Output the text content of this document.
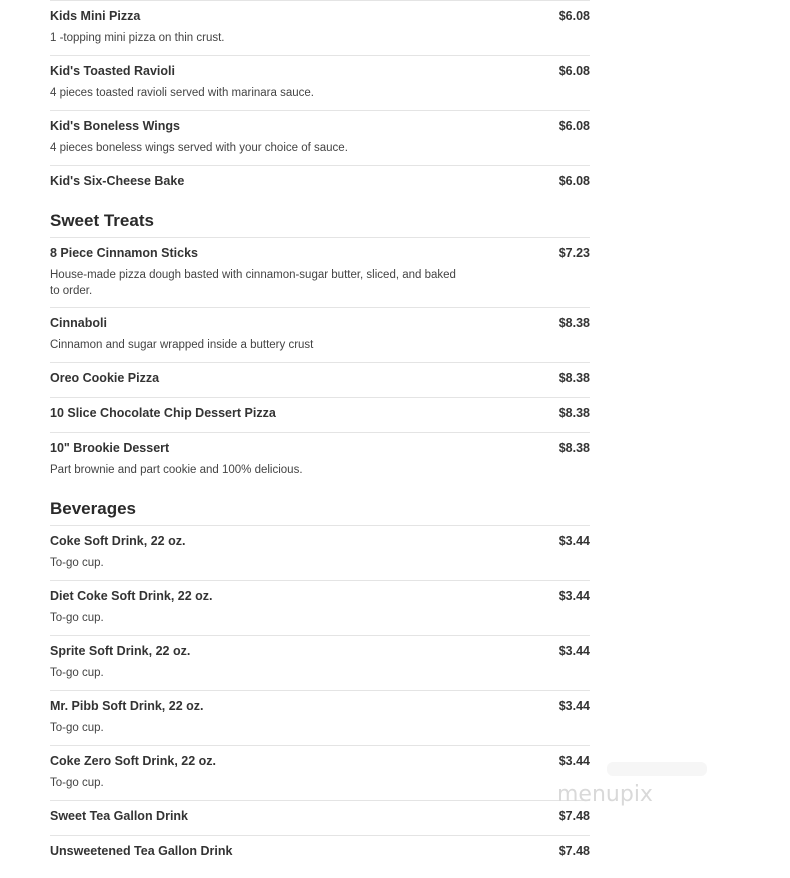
Kids Mini Pizza	$6.08
1 -topping mini pizza on thin crust.
Kid's Toasted Ravioli	$6.08
4 pieces toasted ravioli served with marinara sauce.
Kid's Boneless Wings	$6.08
4 pieces boneless wings served with your choice of sauce.
Kid's Six-Cheese Bake	$6.08
Sweet Treats
8 Piece Cinnamon Sticks	$7.23
House-made pizza dough basted with cinnamon-sugar butter, sliced, and baked to order.
Cinnaboli	$8.38
Cinnamon and sugar wrapped inside a buttery crust
Oreo Cookie Pizza	$8.38
10 Slice Chocolate Chip Dessert Pizza	$8.38
10" Brookie Dessert	$8.38
Part brownie and part cookie and 100% delicious.
Beverages
Coke Soft Drink, 22 oz.	$3.44
To-go cup.
Diet Coke Soft Drink, 22 oz.	$3.44
To-go cup.
Sprite Soft Drink, 22 oz.	$3.44
To-go cup.
Mr. Pibb Soft Drink, 22 oz.	$3.44
To-go cup.
Coke Zero Soft Drink, 22 oz.	$3.44
To-go cup.
Sweet Tea Gallon Drink	$7.48
Unsweetened Tea Gallon Drink	$7.48
menupix
